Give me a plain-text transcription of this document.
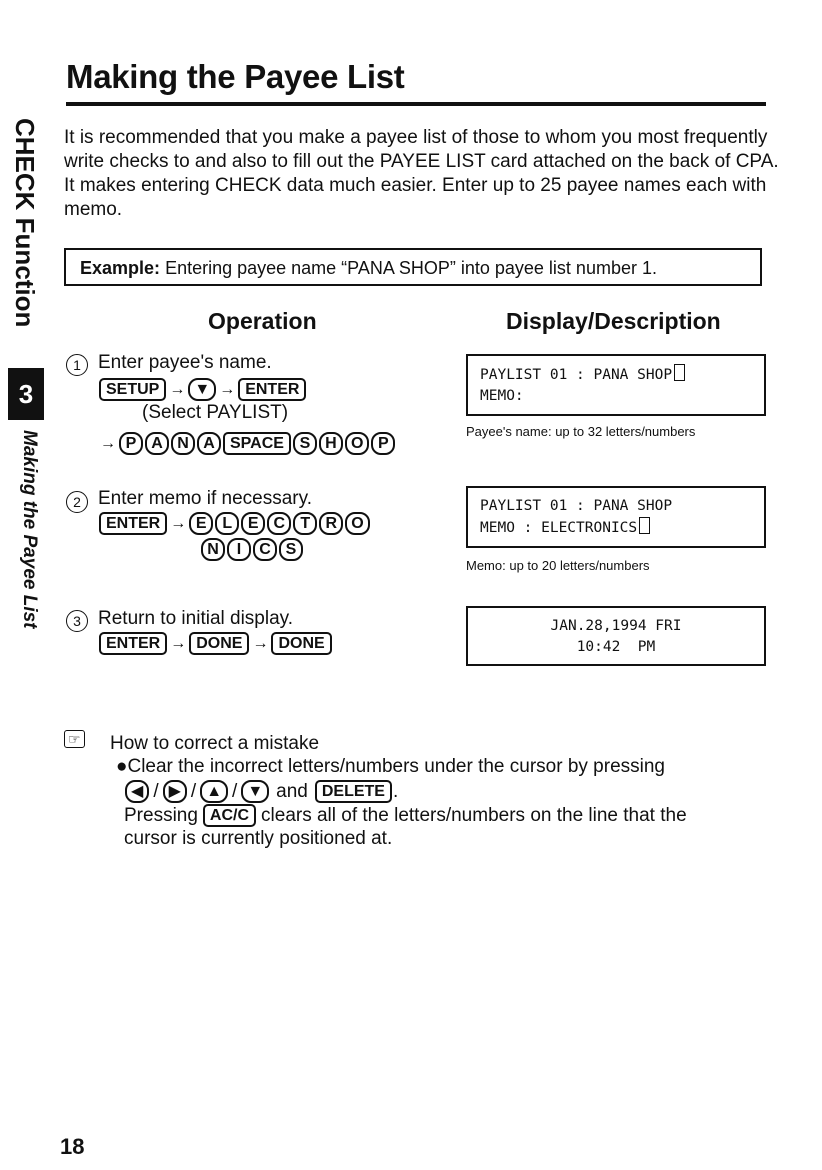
Making the Payee List
CHECK Function
3
Making the Payee List
It is recommended that you make a payee list of those to whom you most frequently write checks to and also to fill out the PAYEE LIST card attached on the back of CPA. It makes entering CHECK data much easier. Enter up to 25 payee names each with memo.
Example: Entering payee name “PANA SHOP” into payee list number 1.
Operation	Display/Description
1 Enter payee's name.
SETUP → ▼ → ENTER
(Select PAYLIST)
→ P A N A SPACE S H O P
PAYLIST 01 : PANA SHOP
MEMO:
Payee's name: up to 32 letters/numbers
2 Enter memo if necessary.
ENTER → E L E C T R O
N	I	C S
PAYLIST 01 : PANA SHOP
MEMO : ELECTRONICS
Memo: up to 20 letters/numbers
3 Return to initial display.
ENTER → DONE → DONE
JAN.28,1994 FRI
10:42  PM
☞ How to correct a mistake
●Clear the incorrect letters/numbers under the cursor by pressing
◀ / ▶ / ▲ / ▼ and DELETE .
Pressing AC/C clears all of the letters/numbers on the line that the
cursor is currently positioned at.
18
